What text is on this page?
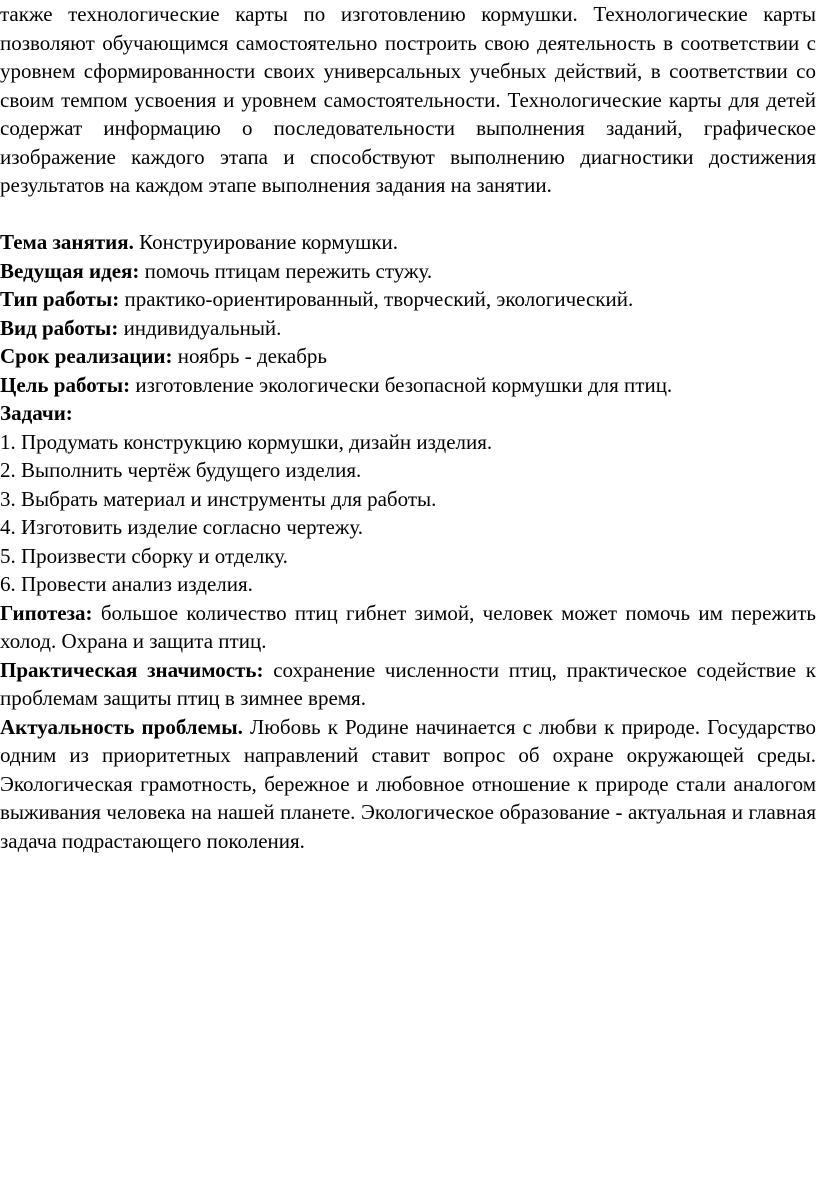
также технологические карты по изготовлению кормушки. Технологические карты позволяют обучающимся самостоятельно построить свою деятельность в соответствии с уровнем сформированности своих универсальных учебных действий, в соответствии со своим темпом усвоения и уровнем самостоятельности. Технологические карты для детей содержат информацию о последовательности выполнения заданий, графическое изображение каждого этапа и способствуют выполнению диагностики достижения результатов на каждом этапе выполнения задания на занятии.

Тема занятия. Конструирование кормушки.

Ведущая идея: помочь птицам пережить стужу.

Тип работы: практико-ориентированный, творческий, экологический.

Вид работы: индивидуальный.

Срок реализации: ноябрь - декабрь

Цель работы: изготовление экологически безопасной кормушки для птиц.

Задачи:

1. Продумать конструкцию кормушки, дизайн изделия.

2. Выполнить чертёж будущего изделия.

3. Выбрать материал и инструменты для работы.

4. Изготовить изделие согласно чертежу.

5. Произвести сборку и отделку.

6. Провести анализ изделия.

Гипотеза: большое количество птиц гибнет зимой, человек может помочь им пережить холод. Охрана и защита птиц.

Практическая значимость: сохранение численности птиц, практическое содействие к проблемам защиты птиц в зимнее время.

Актуальность проблемы. Любовь к Родине начинается с любви к природе. Государство одним из приоритетных направлений ставит вопрос об охране окружающей среды. Экологическая грамотность, бережное и любовное отношение к природе стали аналогом выживания человека на нашей планете. Экологическое образование - актуальная и главная задача подрастающего поколения.
